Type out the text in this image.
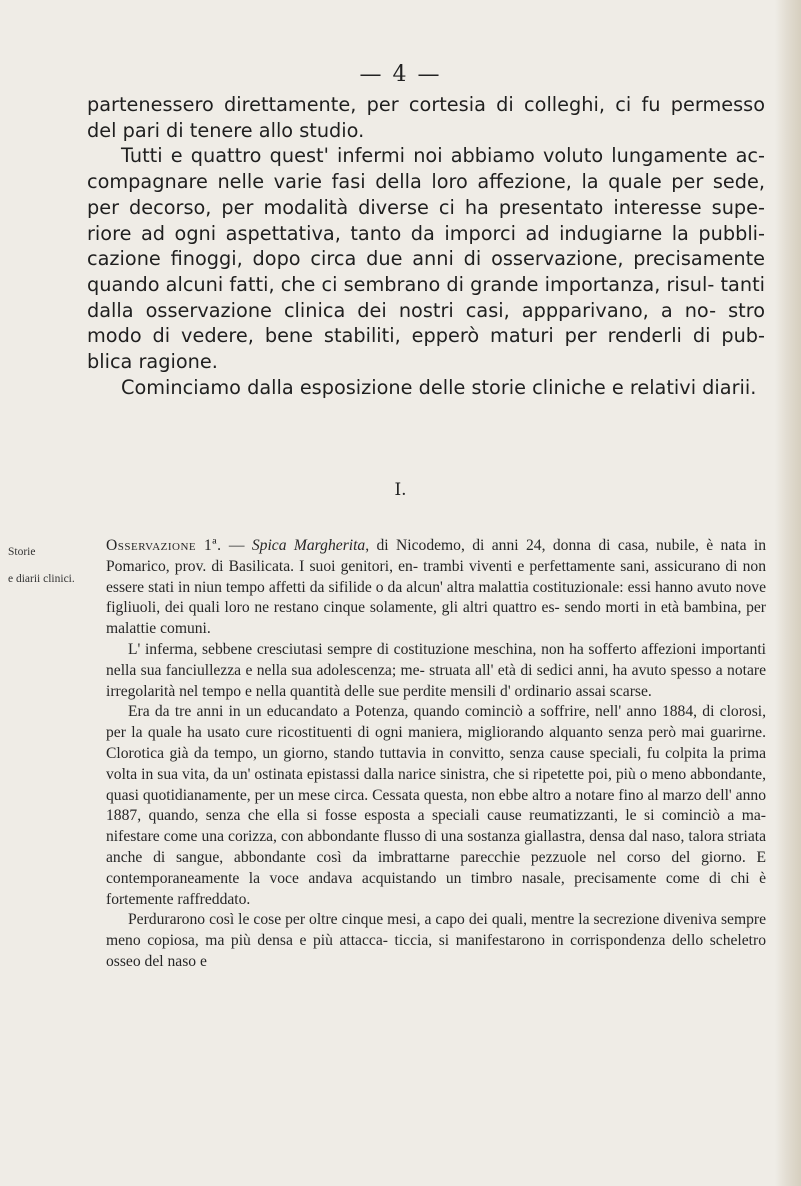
— 4 —

partenessero direttamente, per cortesia di colleghi, ci fu permesso del pari di tenere allo studio.

Tutti e quattro quest' infermi noi abbiamo voluto lungamente ac- compagnare nelle varie fasi della loro affezione, la quale per sede, per decorso, per modalità diverse ci ha presentato interesse supe- riore ad ogni aspettativa, tanto da imporci ad indugiarne la pubbli- cazione finoggi, dopo circa due anni di osservazione, precisamente quando alcuni fatti, che ci sembrano di grande importanza, risul- tanti dalla osservazione clinica dei nostri casi, appparivano, a no- stro modo di vedere, bene stabiliti, epperò maturi per renderli di pub- blica ragione.

Cominciamo dalla esposizione delle storie cliniche e relativi diarii.

I.
Storie
e diarii clinici.

Osservazione 1ª. — Spica Margherita, di Nicodemo, di anni 24, donna di casa, nubile, è nata in Pomarico, prov. di Basilicata. I suoi genitori, en- trambi viventi e perfettamente sani, assicurano di non essere stati in niun tempo affetti da sifilide o da alcun' altra malattia costituzionale: essi hanno avuto nove figliuoli, dei quali loro ne restano cinque solamente, gli altri quattro es- sendo morti in età bambina, per malattie comuni.

L' inferma, sebbene cresciutasi sempre di costituzione meschina, non ha sofferto affezioni importanti nella sua fanciullezza e nella sua adolescenza; me- struata all' età di sedici anni, ha avuto spesso a notare irregolarità nel tempo e nella quantità delle sue perdite mensili d' ordinario assai scarse.

Era da tre anni in un educandato a Potenza, quando cominciò a soffrire, nell' anno 1884, di clorosi, per la quale ha usato cure ricostituenti di ogni maniera, migliorando alquanto senza però mai guarirne. Clorotica già da tempo, un giorno, stando tuttavia in convitto, senza cause speciali, fu colpita la prima volta in sua vita, da un' ostinata epistassi dalla narice sinistra, che si ripetette poi, più o meno abbondante, quasi quotidianamente, per un mese circa. Cessata questa, non ebbe altro a notare fino al marzo dell' anno 1887, quando, senza che ella si fosse esposta a speciali cause reumatizzanti, le si cominciò a ma- nifestare come una corizza, con abbondante flusso di una sostanza giallastra, densa dal naso, talora striata anche di sangue, abbondante così da imbrattarne parecchie pezzuole nel corso del giorno. E contemporaneamente la voce andava acquistando un timbro nasale, precisamente come di chi è fortemente raffreddato.

Perdurarono così le cose per oltre cinque mesi, a capo dei quali, mentre la secrezione diveniva sempre meno copiosa, ma più densa e più attacca- ticcia, si manifestarono in corrispondenza dello scheletro osseo del naso e
